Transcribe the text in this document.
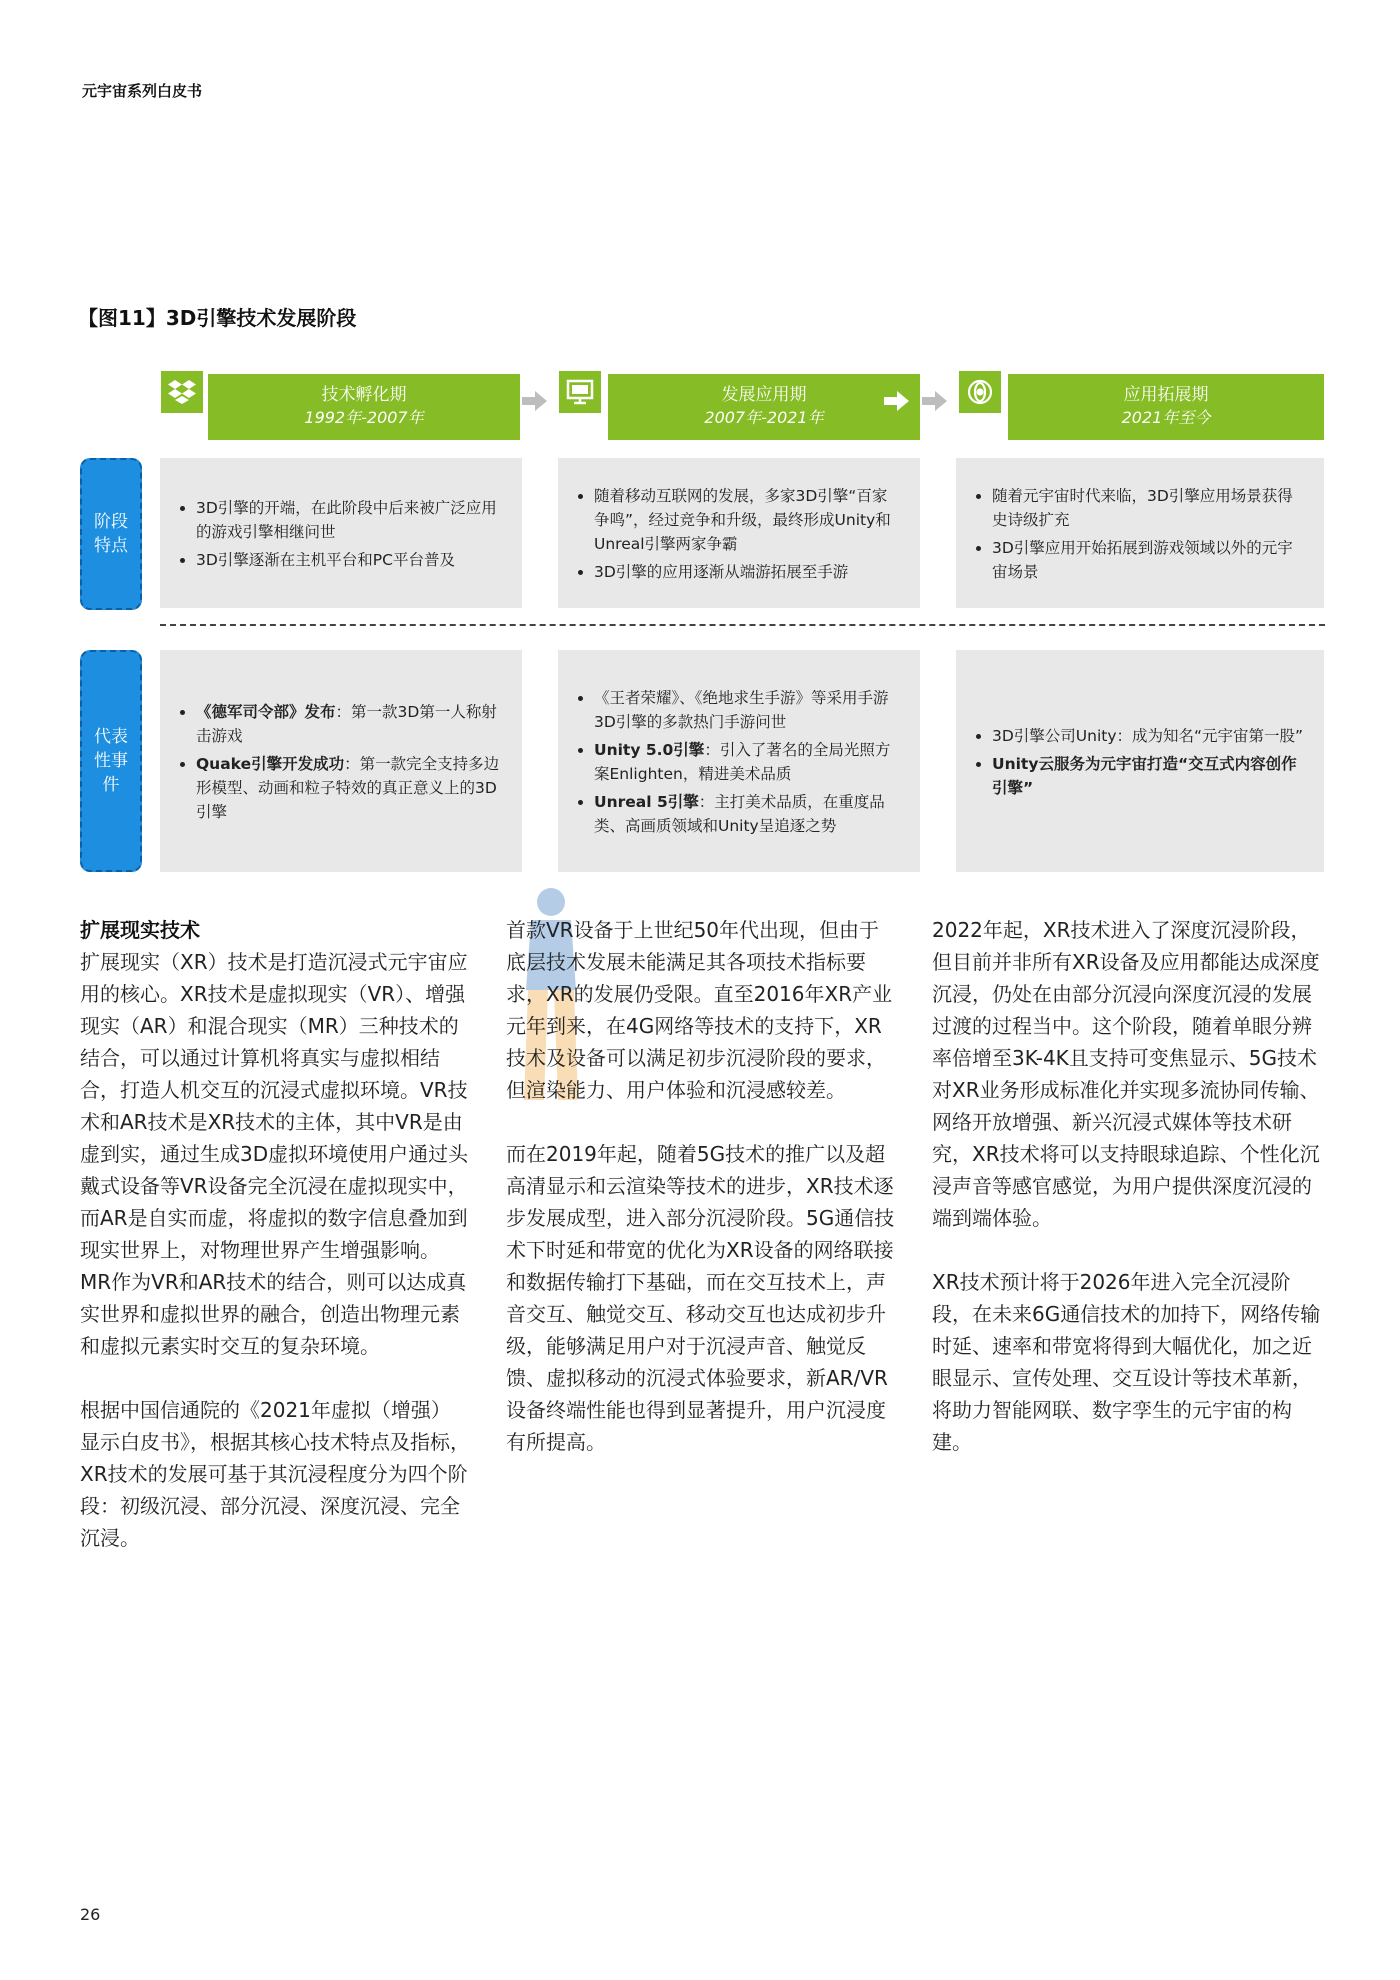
元宇宙系列白皮书
【图11】3D引擎技术发展阶段
技术孵化期
1992年-2007年
发展应用期
2007年-2021年
应用拓展期
2021年至今
阶段特点
代表性事件
• 3D引擎的开端，在此阶段中后来被广泛应用的游戏引擎相继问世
• 3D引擎逐渐在主机平台和PC平台普及
• 随着移动互联网的发展，多家3D引擎“百家争鸣”，经过竞争和升级，最终形成Unity和Unreal引擎两家争霸
• 3D引擎的应用逐渐从端游拓展至手游
• 随着元宇宙时代来临，3D引擎应用场景获得史诗级扩充
• 3D引擎应用开始拓展到游戏领域以外的元宇宙场景
• 《德军司令部》发布：第一款3D第一人称射击游戏
• Quake引擎开发成功：第一款完全支持多边形模型、动画和粒子特效的真正意义上的3D引擎
• 《王者荣耀》、《绝地求生手游》等采用手游3D引擎的多款热门手游问世
• Unity 5.0引擎：引入了著名的全局光照方案Enlighten，精进美术品质
• Unreal 5引擎：主打美术品质，在重度品类、高画质领域和Unity呈追逐之势
• 3D引擎公司Unity：成为知名“元宇宙第一股”
• Unity云服务为元宇宙打造“交互式内容创作引擎”
扩展现实技术

扩展现实（XR）技术是打造沉浸式元宇宙应用的核心。XR技术是虚拟现实（VR）、增强现实（AR）和混合现实（MR）三种技术的结合，可以通过计算机将真实与虚拟相结合，打造人机交互的沉浸式虚拟环境。VR技术和AR技术是XR技术的主体，其中VR是由虚到实，通过生成3D虚拟环境使用户通过头戴式设备等VR设备完全沉浸在虚拟现实中，而AR是自实而虚，将虚拟的数字信息叠加到现实世界上，对物理世界产生增强影响。MR作为VR和AR技术的结合，则可以达成真实世界和虚拟世界的融合，创造出物理元素和虚拟元素实时交互的复杂环境。

根据中国信通院的《2021年虚拟（增强）显示白皮书》，根据其核心技术特点及指标，XR技术的发展可基于其沉浸程度分为四个阶段：初级沉浸、部分沉浸、深度沉浸、完全沉浸。

首款VR设备于上世纪50年代出现，但由于底层技术发展未能满足其各项技术指标要求，XR的发展仍受限。直至2016年XR产业元年到来，在4G网络等技术的支持下，XR技术及设备可以满足初步沉浸阶段的要求，但渲染能力、用户体验和沉浸感较差。

而在2019年起，随着5G技术的推广以及超高清显示和云渲染等技术的进步，XR技术逐步发展成型，进入部分沉浸阶段。5G通信技术下时延和带宽的优化为XR设备的网络联接和数据传输打下基础，而在交互技术上，声音交互、触觉交互、移动交互也达成初步升级，能够满足用户对于沉浸声音、触觉反馈、虚拟移动的沉浸式体验要求，新AR/VR设备终端性能也得到显著提升，用户沉浸度有所提高。

2022年起，XR技术进入了深度沉浸阶段，但目前并非所有XR设备及应用都能达成深度沉浸，仍处在由部分沉浸向深度沉浸的发展过渡的过程当中。这个阶段，随着单眼分辨率倍增至3K-4K且支持可变焦显示、5G技术对XR业务形成标准化并实现多流协同传输、网络开放增强、新兴沉浸式媒体等技术研究，XR技术将可以支持眼球追踪、个性化沉浸声音等感官感觉，为用户提供深度沉浸的端到端体验。

XR技术预计将于2026年进入完全沉浸阶段，在未来6G通信技术的加持下，网络传输时延、速率和带宽将得到大幅优化，加之近眼显示、宣传处理、交互设计等技术革新，将助力智能网联、数字孪生的元宇宙的构建。

26
